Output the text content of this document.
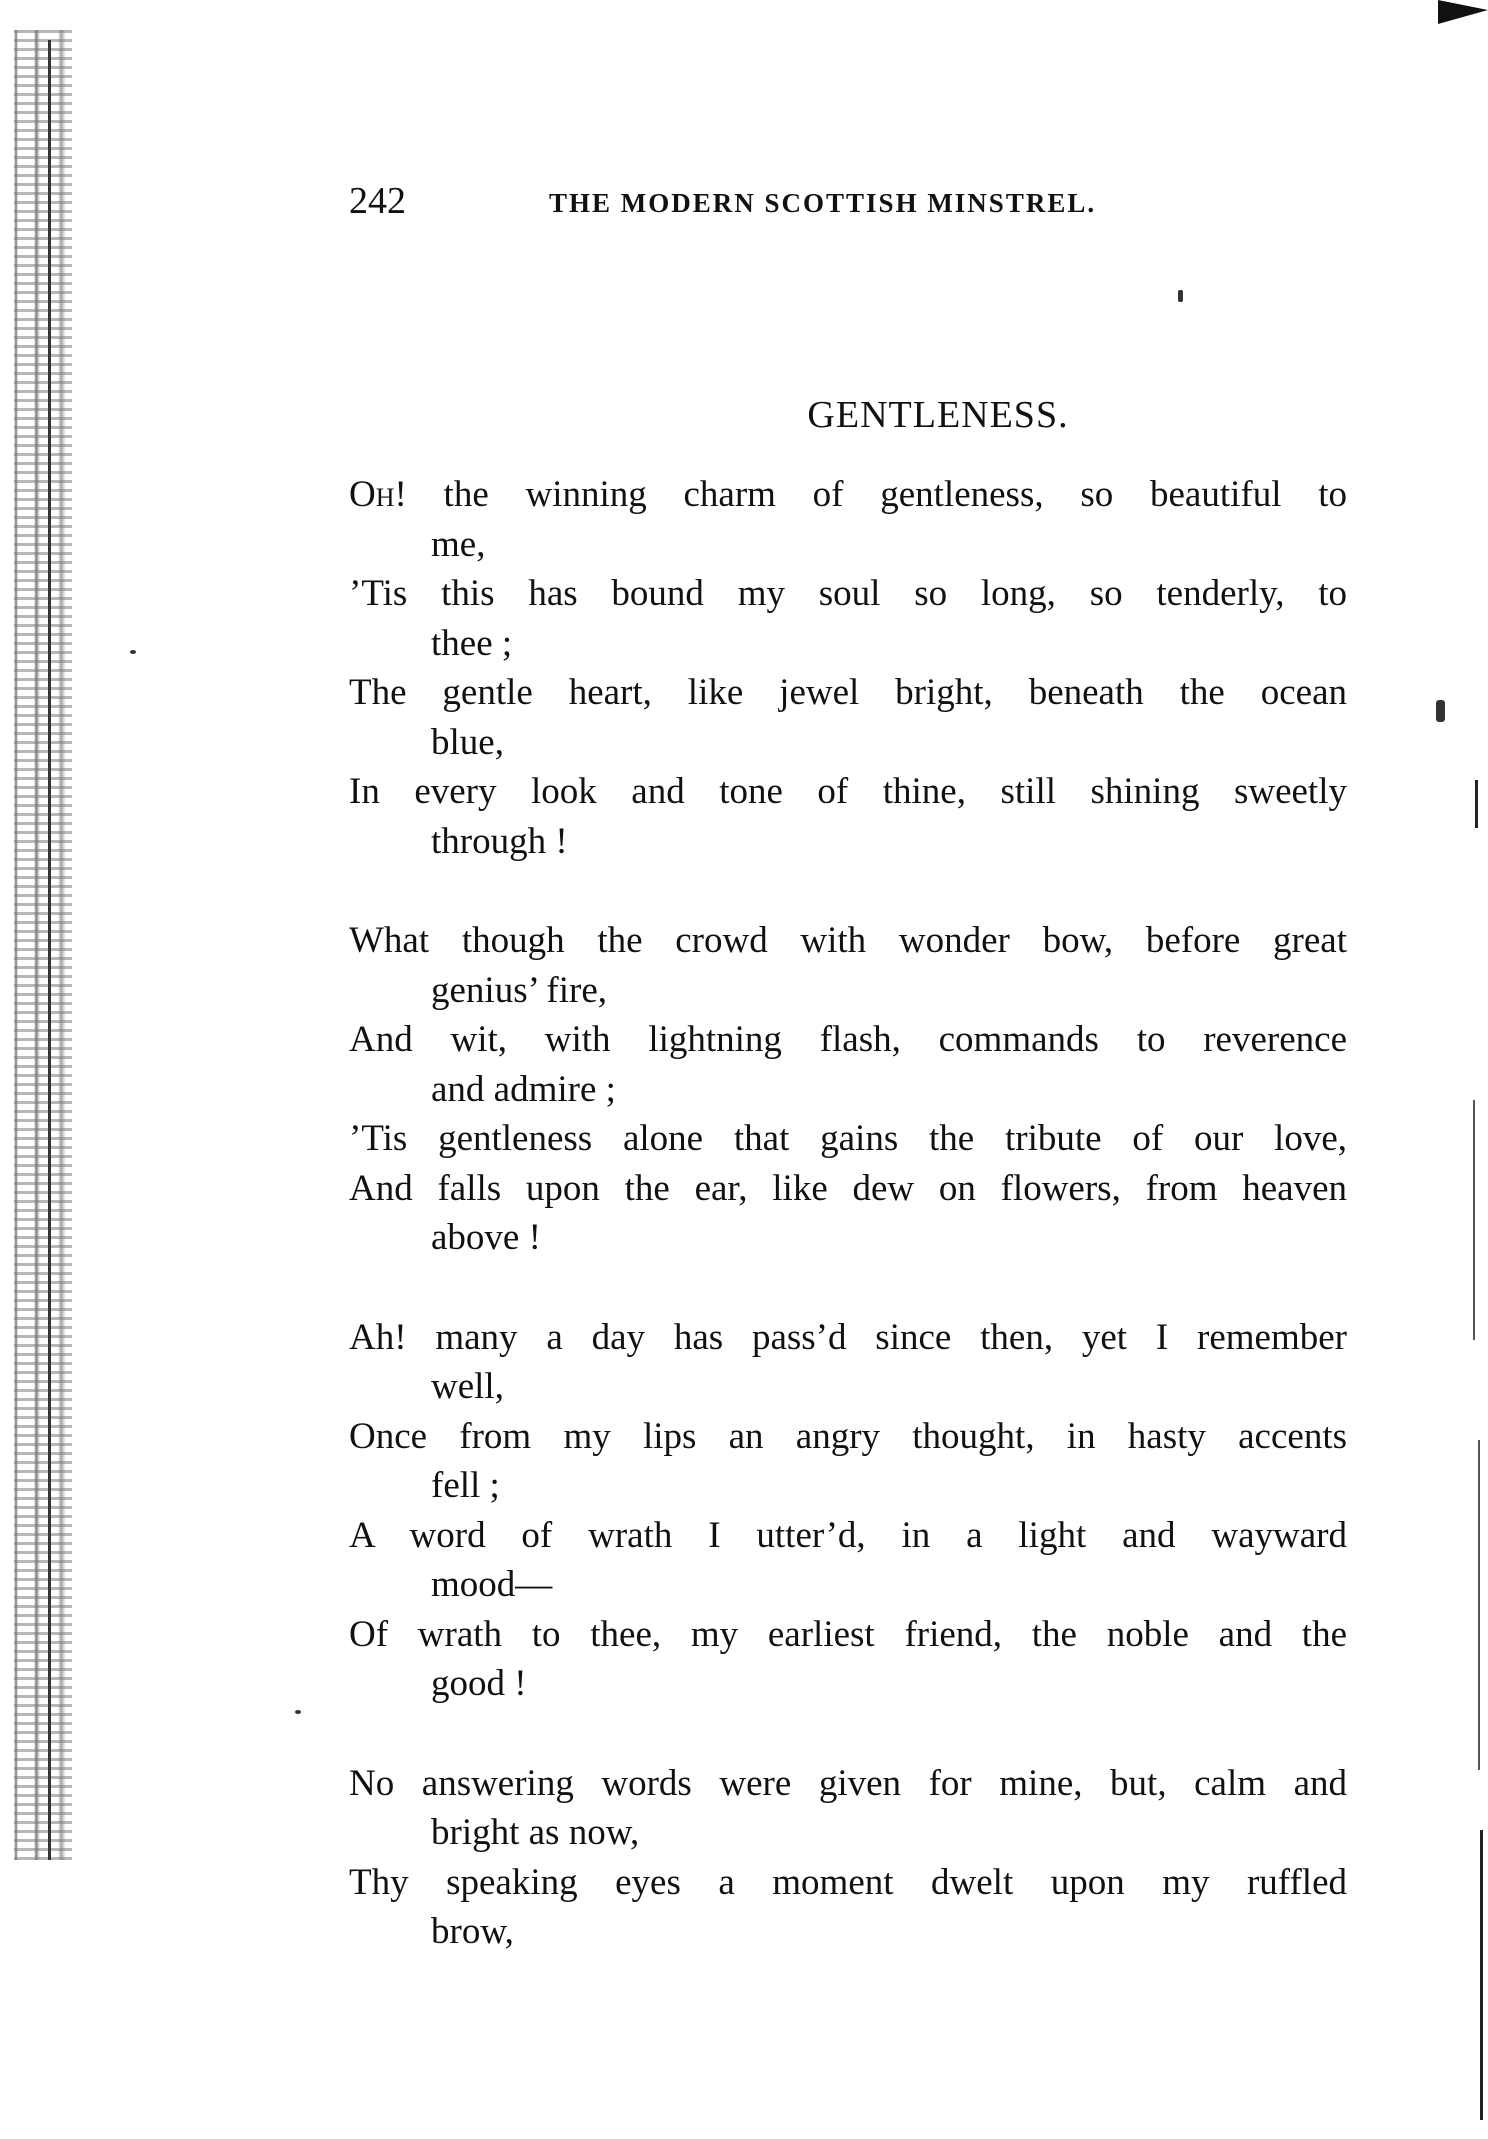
242	THE MODERN SCOTTISH MINSTREL.
GENTLENESS.
Oh! the winning charm of gentleness, so beautiful to
me,
’Tis this has bound my soul so long, so tenderly, to
thee ;
The gentle heart, like jewel bright, beneath the ocean
blue,
In every look and tone of thine, still shining sweetly
through !
What though the crowd with wonder bow, before great
genius’ fire,
And wit, with lightning flash, commands to reverence
and admire ;
’Tis gentleness alone that gains the tribute of our love,
And falls upon the ear, like dew on flowers, from heaven
above !
Ah! many a day has pass’d since then, yet I remember
well,
Once from my lips an angry thought, in hasty accents
fell ;
A word of wrath I utter’d, in a light and wayward
mood—
Of wrath to thee, my earliest friend, the noble and the
good !
No answering words were given for mine, but, calm and
bright as now,
Thy speaking eyes a moment dwelt upon my ruffled
brow,
